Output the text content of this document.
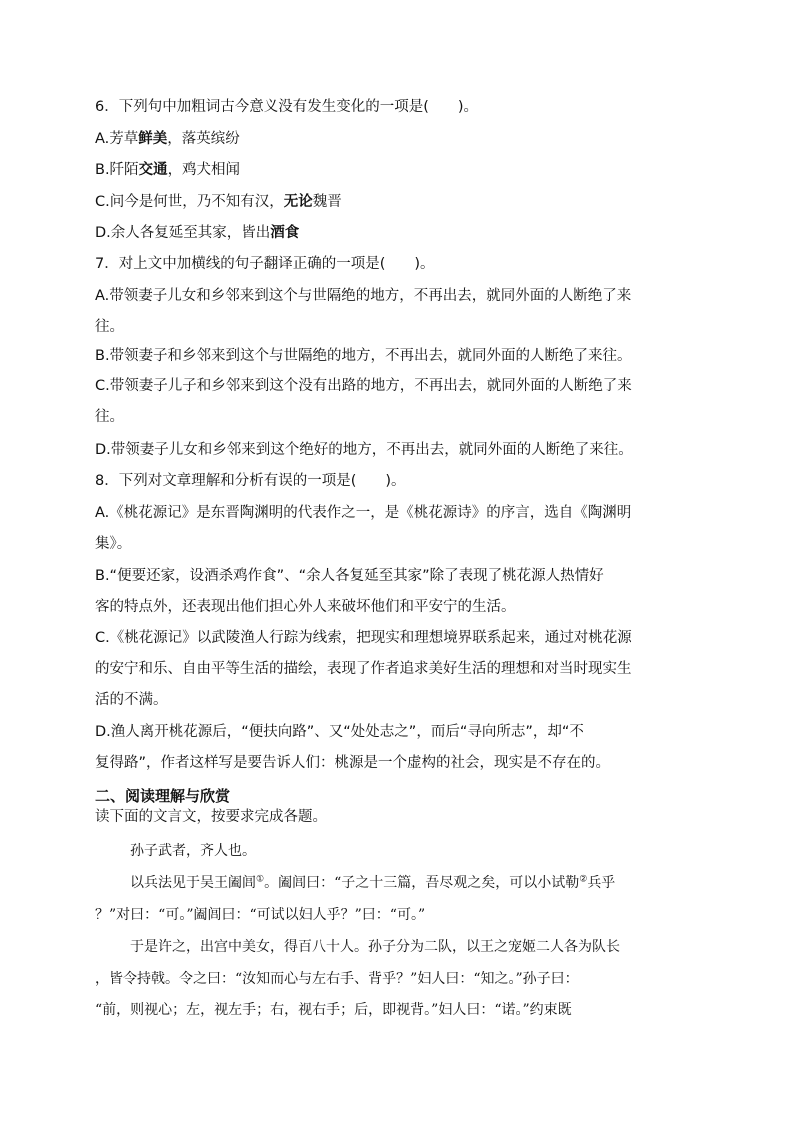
6．下列句中加粗词古今意义没有发生变化的一项是(　　)。
A.芳草鲜美，落英缤纷
B.阡陌交通，鸡犬相闻
C.问今是何世，乃不知有汉，无论魏晋
D.余人各复延至其家，皆出酒食
7．对上文中加横线的句子翻译正确的一项是(　　)。
A.带领妻子儿女和乡邻来到这个与世隔绝的地方，不再出去，就同外面的人断绝了来
往。
B.带领妻子和乡邻来到这个与世隔绝的地方，不再出去，就同外面的人断绝了来往。
C.带领妻子儿子和乡邻来到这个没有出路的地方，不再出去，就同外面的人断绝了来
往。
D.带领妻子儿女和乡邻来到这个绝好的地方，不再出去，就同外面的人断绝了来往。
8．下列对文章理解和分析有误的一项是(　　)。
A.《桃花源记》是东晋陶渊明的代表作之一，是《桃花源诗》的序言，选自《陶渊明
集》。
B.“便要还家，设酒杀鸡作食”、“余人各复延至其家”除了表现了桃花源人热情好
客的特点外，还表现出他们担心外人来破坏他们和平安宁的生活。
C.《桃花源记》以武陵渔人行踪为线索，把现实和理想境界联系起来，通过对桃花源
的安宁和乐、自由平等生活的描绘，表现了作者追求美好生活的理想和对当时现实生
活的不满。
D.渔人离开桃花源后，“便扶向路”、又“处处志之”，而后“寻向所志”，却“不
复得路”，作者这样写是要告诉人们：桃源是一个虚构的社会，现实是不存在的。
二、阅读理解与欣赏
读下面的文言文，按要求完成各题。
孙子武者，齐人也。
以兵法见于吴王阖闾①。阖闾曰：“子之十三篇，吾尽观之矣，可以小试勒②兵乎
？”对曰：“可。”阖闾曰：“可试以妇人乎？”曰：“可。”
于是许之，出宫中美女，得百八十人。孙子分为二队，以王之宠姬二人各为队长
，皆令持戟。令之曰：“汝知而心与左右手、背乎？”妇人曰：“知之。”孙子曰：
“前，则视心；左，视左手；右，视右手；后，即视背。”妇人曰：“诺。”约束既
